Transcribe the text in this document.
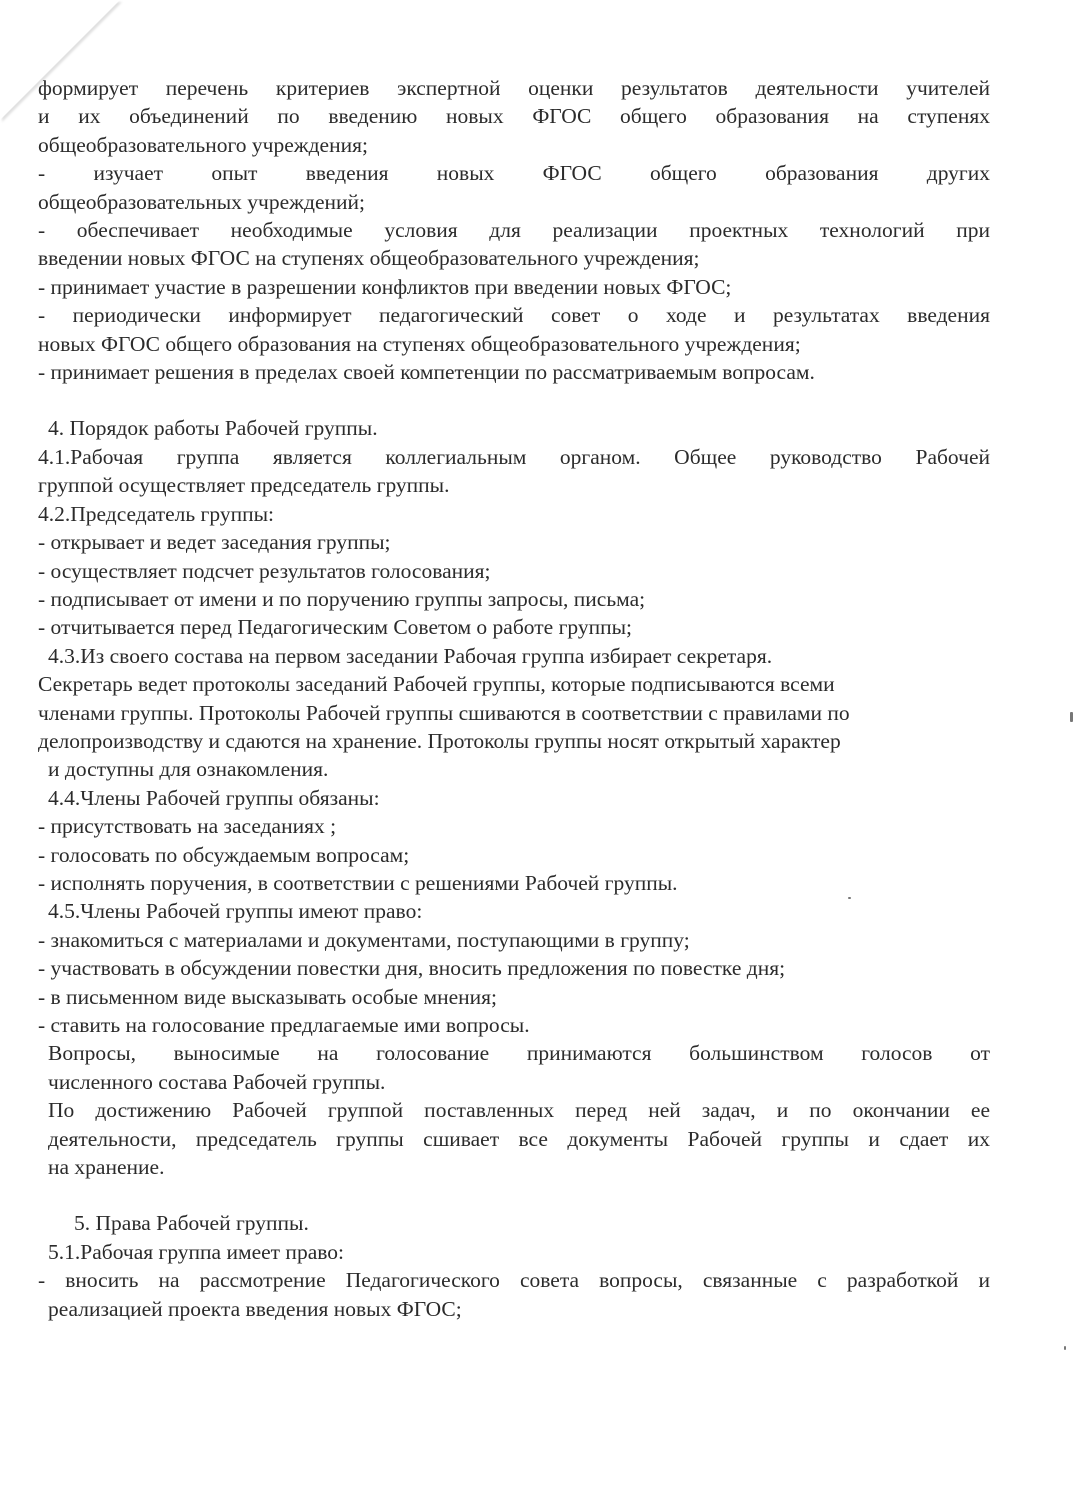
формирует перечень критериев экспертной оценки результатов деятельности учителей
и их объединений по введению новых ФГОС общего образования на ступенях
общеобразовательного учреждения;
- изучает опыт введения новых ФГОС общего образования других
общеобразовательных учреждений;
- обеспечивает необходимые условия для реализации проектных технологий при
введении новых ФГОС на ступенях общеобразовательного учреждения;
- принимает участие в разрешении конфликтов при введении новых ФГОС;
- периодически информирует педагогический совет о ходе и результатах введения
новых ФГОС общего образования на ступенях общеобразовательного учреждения;
- принимает решения в пределах своей компетенции по рассматриваемым вопросам.
4. Порядок работы Рабочей группы.
4.1.Рабочая группа является коллегиальным органом. Общее руководство Рабочей
группой осуществляет председатель группы.
4.2.Председатель группы:
- открывает и ведет заседания группы;
- осуществляет подсчет результатов голосования;
- подписывает от имени и по поручению группы запросы, письма;
- отчитывается перед Педагогическим Советом о работе группы;
4.3.Из своего состава на первом заседании Рабочая группа избирает секретаря.
Секретарь ведет протоколы заседаний Рабочей группы, которые подписываются всеми
членами группы. Протоколы Рабочей группы сшиваются в соответствии с правилами по
делопроизводству и сдаются на хранение. Протоколы группы носят открытый характер
и доступны для ознакомления.
4.4.Члены Рабочей группы обязаны:
- присутствовать на заседаниях ;
- голосовать по обсуждаемым вопросам;
- исполнять поручения, в соответствии с решениями Рабочей группы.
4.5.Члены Рабочей группы имеют право:
- знакомиться с материалами и документами, поступающими в группу;
- участвовать в обсуждении повестки дня, вносить предложения по повестке дня;
- в письменном виде высказывать особые мнения;
- ставить на голосование предлагаемые ими вопросы.
Вопросы, выносимые на голосование принимаются большинством голосов от
численного состава Рабочей группы.
По достижению Рабочей группой поставленных перед ней задач, и по окончании ее
деятельности, председатель группы сшивает все документы Рабочей группы и сдает их
на хранение.
5. Права Рабочей группы.
5.1.Рабочая группа имеет право:
- вносить на рассмотрение Педагогического совета вопросы, связанные с разработкой и
реализацией проекта введения новых ФГОС;
